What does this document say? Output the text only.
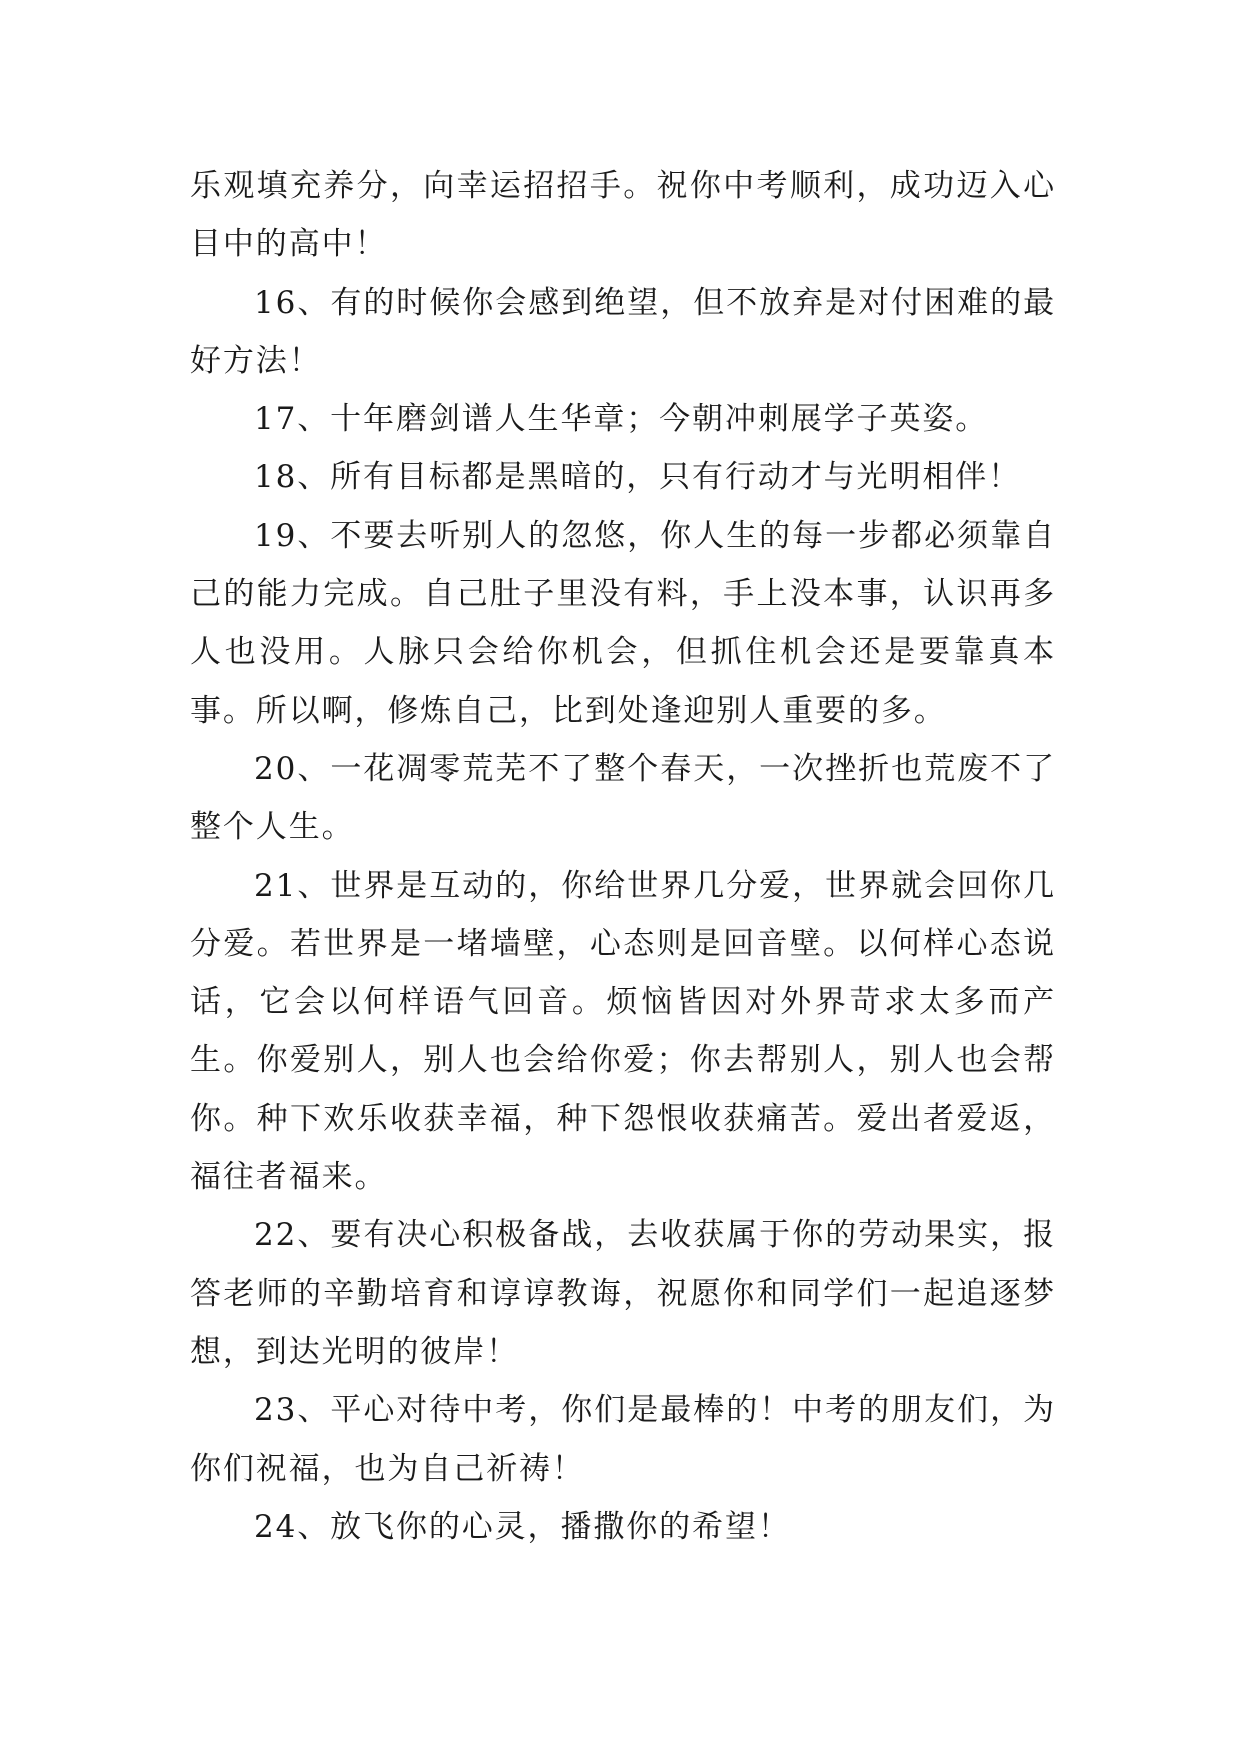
乐观填充养分，向幸运招招手。祝你中考顺利，成功迈入心目中的高中！

16、有的时候你会感到绝望，但不放弃是对付困难的最好方法！

17、十年磨剑谱人生华章；今朝冲刺展学子英姿。

18、所有目标都是黑暗的，只有行动才与光明相伴！

19、不要去听别人的忽悠，你人生的每一步都必须靠自己的能力完成。自己肚子里没有料，手上没本事，认识再多人也没用。人脉只会给你机会，但抓住机会还是要靠真本事。所以啊，修炼自己，比到处逢迎别人重要的多。

20、一花凋零荒芜不了整个春天，一次挫折也荒废不了整个人生。

21、世界是互动的，你给世界几分爱，世界就会回你几分爱。若世界是一堵墙壁，心态则是回音壁。以何样心态说话，它会以何样语气回音。烦恼皆因对外界苛求太多而产生。你爱别人，别人也会给你爱；你去帮别人，别人也会帮你。种下欢乐收获幸福，种下怨恨收获痛苦。爱出者爱返，福往者福来。

22、要有决心积极备战，去收获属于你的劳动果实，报答老师的辛勤培育和谆谆教诲，祝愿你和同学们一起追逐梦想，到达光明的彼岸！

23、平心对待中考，你们是最棒的！中考的朋友们，为你们祝福，也为自己祈祷！

24、放飞你的心灵，播撒你的希望！
